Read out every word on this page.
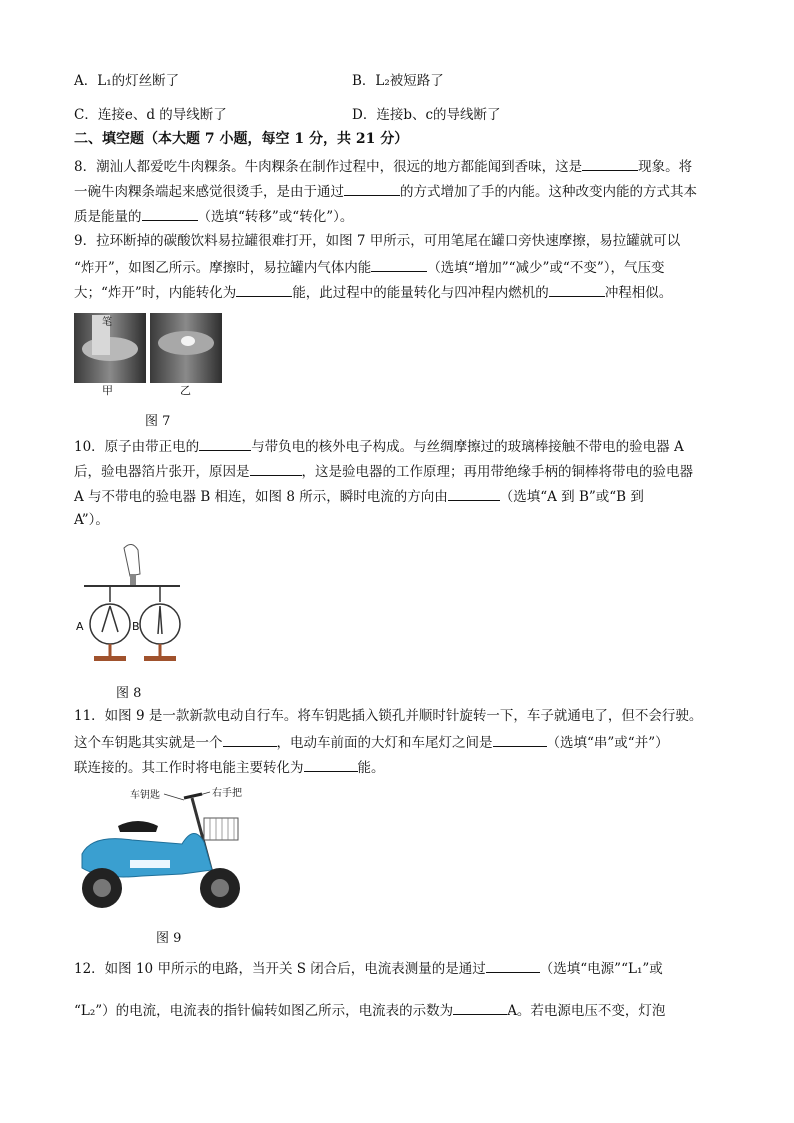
A．L₁的灯丝断了	B．L₂被短路了
C．连接e、d 的导线断了	D．连接b、c的导线断了
二、填空题（本大题 7 小题，每空 1 分，共 21 分）
8．潮汕人都爱吃牛肉粿条。牛肉粿条在制作过程中，很远的地方都能闻到香味，这是	现象。将
一碗牛肉粿条端起来感觉很烫手，是由于通过	的方式增加了手的内能。这种改变内能的方式其本
质是能量的	（选填“转移”或“转化”）。
9．拉环断掉的碳酸饮料易拉罐很难打开，如图 7 甲所示，可用笔尾在罐口旁快速摩擦，易拉罐就可以
“炸开”，如图乙所示。摩擦时，易拉罐内气体内能	（选填“增加”“减少”或“不变”），气压变
大；“炸开”时，内能转化为	能，此过程中的能量转化与四冲程内燃机的	冲程相似。
笔
甲	乙
图 7
10．原子由带正电的	与带负电的核外电子构成。与丝绸摩擦过的玻璃棒接触不带电的验电器 A
后，验电器箔片张开，原因是	，这是验电器的工作原理；再用带绝缘手柄的铜棒将带电的验电器
A 与不带电的验电器 B 相连，如图 8 所示，瞬时电流的方向由	（选填“A 到 B”或“B 到
A”）。
A	B
图 8
11．如图 9 是一款新款电动自行车。将车钥匙插入锁孔并顺时针旋转一下，车子就通电了，但不会行驶。
这个车钥匙其实就是一个	，电动车前面的大灯和车尾灯之间是	（选填“串”或“并”）
联连接的。其工作时将电能主要转化为	能。
车钥匙	右手把
图 9
12．如图 10 甲所示的电路，当开关 S 闭合后，电流表测量的是通过	（选填“电源”“L₁”或
“L₂”）的电流，电流表的指针偏转如图乙所示，电流表的示数为	A。若电源电压不变，灯泡
